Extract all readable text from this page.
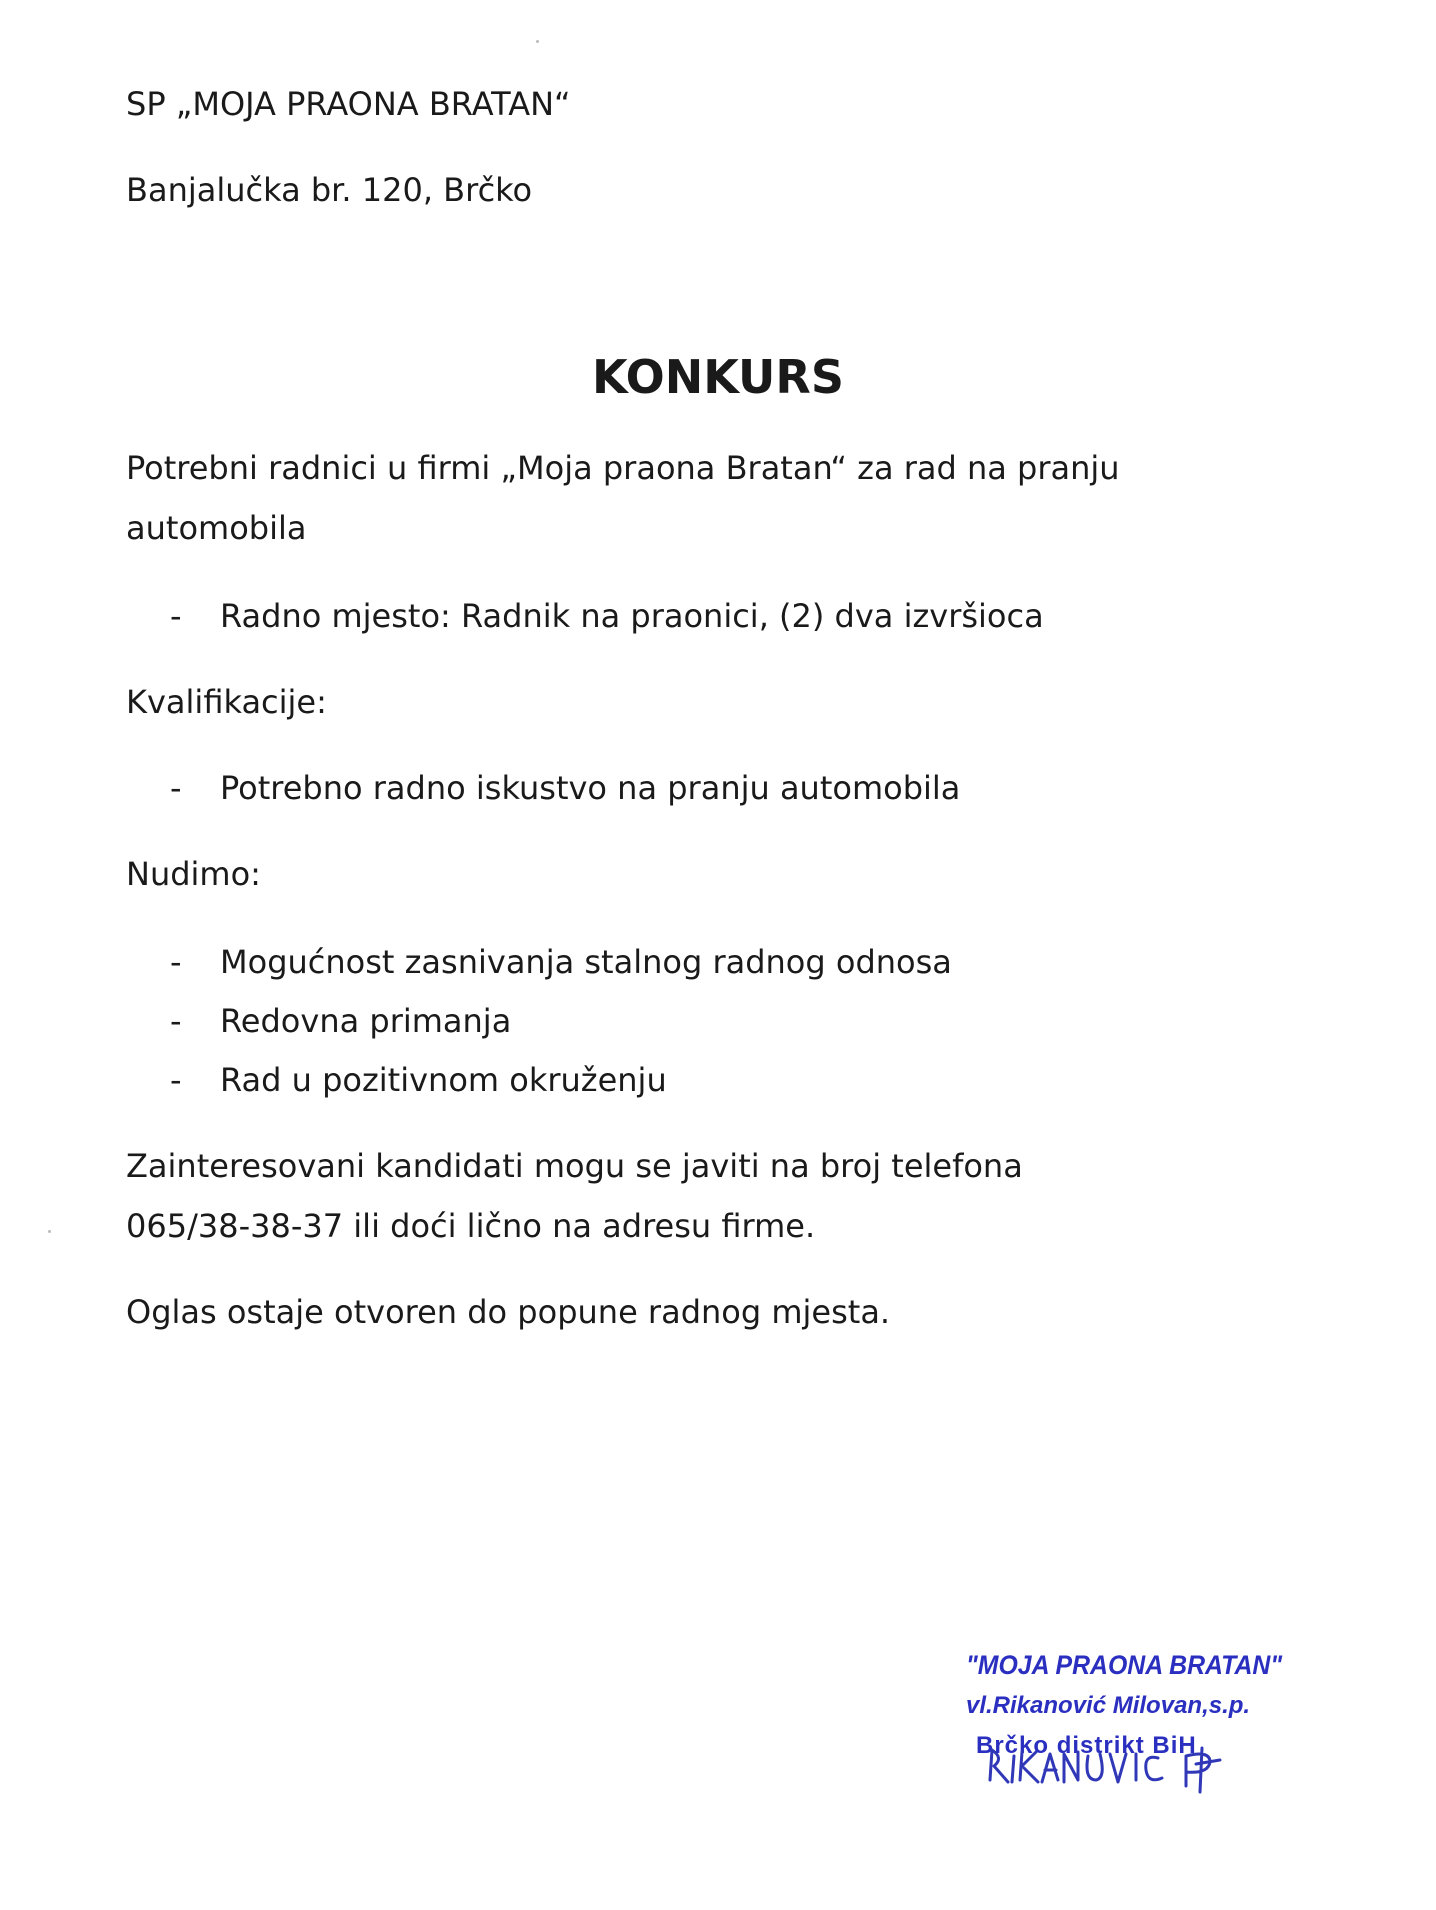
SP „MOJA PRAONA BRATAN“
Banjalučka br. 120, Brčko
KONKURS
Potrebni radnici u firmi „Moja praona Bratan“ za rad na pranju
automobila
- Radno mjesto: Radnik na praonici, (2) dva izvršioca
Kvalifikacije:
- Potrebno radno iskustvo na pranju automobila
Nudimo:
- Mogućnost zasnivanja stalnog radnog odnosa
- Redovna primanja
- Rad u pozitivnom okruženju
Zainteresovani kandidati mogu se javiti na broj telefona
065/38-38-37 ili doći lično na adresu firme.
Oglas ostaje otvoren do popune radnog mjesta.
"MOJA PRAONA BRATAN"
vl.Rikanović Milovan,s.p.
Brčko distrikt BiH
